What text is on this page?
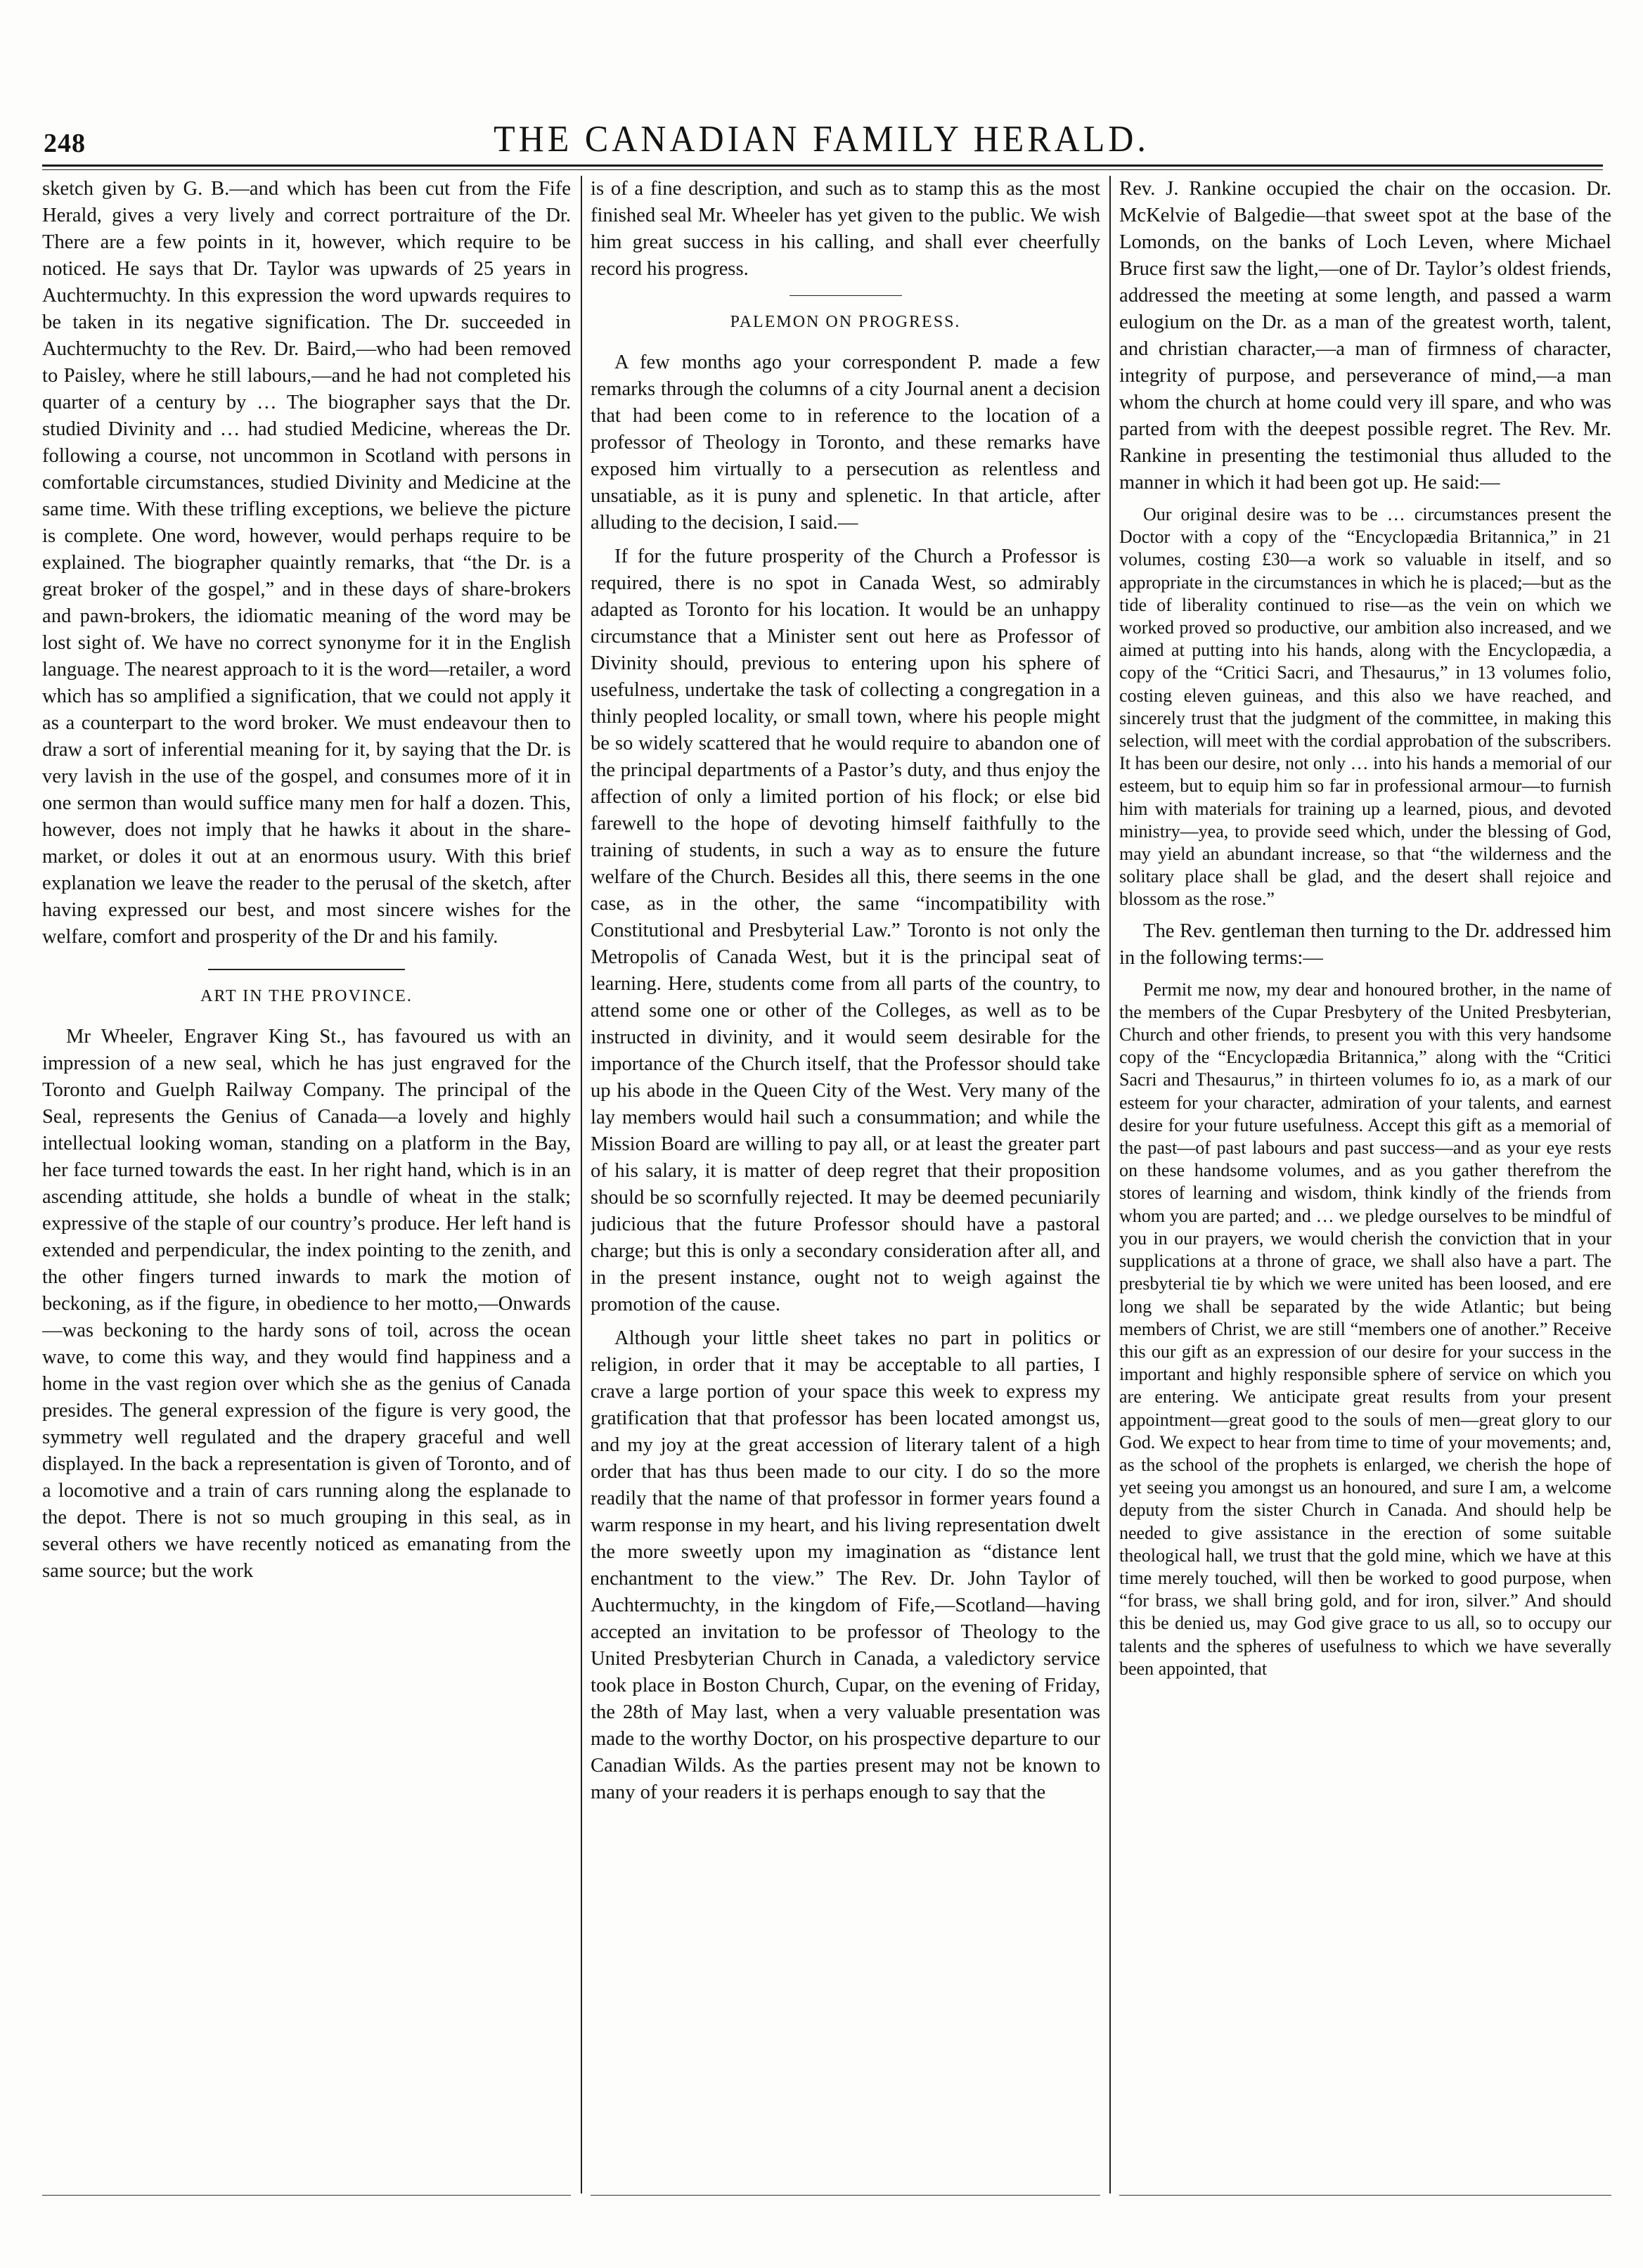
248	THE CANADIAN FAMILY HERALD.

sketch given by G. B.—and which has been cut from the Fife Herald, gives a very lively and correct portraiture of the Dr. There are a few points in it, however, which require to be noticed. He says that Dr. Taylor was upwards of 25 years in Auchtermuchty. In this expression the word upwards requires to be taken in its negative signification. The Dr. succeeded in Auchtermuchty to the Rev. Dr. Baird,—who had been removed to Paisley, where he still labours,—and he had not completed his quarter of a century by … The biographer says that the Dr. studied Divinity and … had studied Medicine, whereas the Dr. following a course, not uncommon in Scotland with persons in comfortable circumstances, studied Divinity and Medicine at the same time. With these trifling exceptions, we believe the picture is complete. One word, however, would perhaps require to be explained. The biographer quaintly remarks, that “the Dr. is a great broker of the gospel,” and in these days of share-brokers and pawn-brokers, the idiomatic meaning of the word may be lost sight of. We have no correct synonyme for it in the English language. The nearest approach to it is the word—retailer, a word which has so amplified a signification, that we could not apply it as a counterpart to the word broker. We must endeavour then to draw a sort of inferential meaning for it, by saying that the Dr. is very lavish in the use of the gospel, and consumes more of it in one sermon than would suffice many men for half a dozen. This, however, does not imply that he hawks it about in the share-market, or doles it out at an enormous usury. With this brief explanation we leave the reader to the perusal of the sketch, after having expressed our best, and most sincere wishes for the welfare, comfort and prosperity of the Dr and his family.

ART IN THE PROVINCE.

Mr Wheeler, Engraver King St., has favoured us with an impression of a new seal, which he has just engraved for the Toronto and Guelph Railway Company. The principal of the Seal, represents the Genius of Canada—a lovely and highly intellectual looking woman, standing on a platform in the Bay, her face turned towards the east. In her right hand, which is in an ascending attitude, she holds a bundle of wheat in the stalk; expressive of the staple of our country’s produce. Her left hand is extended and perpendicular, the index pointing to the zenith, and the other fingers turned inwards to mark the motion of beckoning, as if the figure, in obedience to her motto,—Onwards—was beckoning to the hardy sons of toil, across the ocean wave, to come this way, and they would find happiness and a home in the vast region over which she as the genius of Canada presides. The general expression of the figure is very good, the symmetry well regulated and the drapery graceful and well displayed. In the back a representation is given of Toronto, and of a locomotive and a train of cars running along the esplanade to the depot. There is not so much grouping in this seal, as in several others we have recently noticed as emanating from the same source; but the work

is of a fine description, and such as to stamp this as the most finished seal Mr. Wheeler has yet given to the public. We wish him great success in his calling, and shall ever cheerfully record his progress.

PALEMON ON PROGRESS.

A few months ago your correspondent P. made a few remarks through the columns of a city Journal anent a decision that had been come to in reference to the location of a professor of Theology in Toronto, and these remarks have exposed him virtually to a persecution as relentless and unsatiable, as it is puny and splenetic. In that article, after alluding to the decision, I said.—

If for the future prosperity of the Church a Professor is required, there is no spot in Canada West, so admirably adapted as Toronto for his location. It would be an unhappy circumstance that a Minister sent out here as Professor of Divinity should, previous to entering upon his sphere of usefulness, undertake the task of collecting a congregation in a thinly peopled locality, or small town, where his people might be so widely scattered that he would require to abandon one of the principal departments of a Pastor’s duty, and thus enjoy the affection of only a limited portion of his flock; or else bid farewell to the hope of devoting himself faithfully to the training of students, in such a way as to ensure the future welfare of the Church. Besides all this, there seems in the one case, as in the other, the same “incompatibility with Constitutional and Presbyterial Law.” Toronto is not only the Metropolis of Canada West, but it is the principal seat of learning. Here, students come from all parts of the country, to attend some one or other of the Colleges, as well as to be instructed in divinity, and it would seem desirable for the importance of the Church itself, that the Professor should take up his abode in the Queen City of the West. Very many of the lay members would hail such a consummation; and while the Mission Board are willing to pay all, or at least the greater part of his salary, it is matter of deep regret that their proposition should be so scornfully rejected. It may be deemed pecuniarily judicious that the future Professor should have a pastoral charge; but this is only a secondary consideration after all, and in the present instance, ought not to weigh against the promotion of the cause.

Although your little sheet takes no part in politics or religion, in order that it may be acceptable to all parties, I crave a large portion of your space this week to express my gratification that that professor has been located amongst us, and my joy at the great accession of literary talent of a high order that has thus been made to our city. I do so the more readily that the name of that professor in former years found a warm response in my heart, and his living representation dwelt the more sweetly upon my imagination as “distance lent enchantment to the view.” The Rev. Dr. John Taylor of Auchtermuchty, in the kingdom of Fife,—Scotland—having accepted an invitation to be professor of Theology to the United Presbyterian Church in Canada, a valedictory service took place in Boston Church, Cupar, on the evening of Friday, the 28th of May last, when a very valuable presentation was made to the worthy Doctor, on his prospective departure to our Canadian Wilds. As the parties present may not be known to many of your readers it is perhaps enough to say that the

Rev. J. Rankine occupied the chair on the occasion. Dr. McKelvie of Balgedie—that sweet spot at the base of the Lomonds, on the banks of Loch Leven, where Michael Bruce first saw the light,—one of Dr. Taylor’s oldest friends, addressed the meeting at some length, and passed a warm eulogium on the Dr. as a man of the greatest worth, talent, and christian character,—a man of firmness of character, integrity of purpose, and perseverance of mind,—a man whom the church at home could very ill spare, and who was parted from with the deepest possible regret. The Rev. Mr. Rankine in presenting the testimonial thus alluded to the manner in which it had been got up. He said:—

Our original desire was to be … circumstances present the Doctor with a copy of the “Encyclopædia Britannica,” in 21 volumes, costing £30—a work so valuable in itself, and so appropriate in the circumstances in which he is placed;—but as the tide of liberality continued to rise—as the vein on which we worked proved so productive, our ambition also increased, and we aimed at putting into his hands, along with the Encyclopædia, a copy of the “Critici Sacri, and Thesaurus,” in 13 volumes folio, costing eleven guineas, and this also we have reached, and sincerely trust that the judgment of the committee, in making this selection, will meet with the cordial approbation of the subscribers. It has been our desire, not only … into his hands a memorial of our esteem, but to equip him so far in professional armour—to furnish him with materials for training up a learned, pious, and devoted ministry—yea, to provide seed which, under the blessing of God, may yield an abundant increase, so that “the wilderness and the solitary place shall be glad, and the desert shall rejoice and blossom as the rose.”

The Rev. gentleman then turning to the Dr. addressed him in the following terms:—

Permit me now, my dear and honoured brother, in the name of the members of the Cupar Presbytery of the United Presbyterian, Church and other friends, to present you with this very handsome copy of the “Encyclopædia Britannica,” along with the “Critici Sacri and Thesaurus,” in thirteen volumes fo io, as a mark of our esteem for your character, admiration of your talents, and earnest desire for your future usefulness. Accept this gift as a memorial of the past—of past labours and past success—and as your eye rests on these handsome volumes, and as you gather therefrom the stores of learning and wisdom, think kindly of the friends from whom you are parted; and … we pledge ourselves to be mindful of you in our prayers, we would cherish the conviction that in your supplications at a throne of grace, we shall also have a part. The presbyterial tie by which we were united has been loosed, and ere long we shall be separated by the wide Atlantic; but being members of Christ, we are still “members one of another.” Receive this our gift as an expression of our desire for your success in the important and highly responsible sphere of service on which you are entering. We anticipate great results from your present appointment—great good to the souls of men—great glory to our God. We expect to hear from time to time of your movements; and, as the school of the prophets is enlarged, we cherish the hope of yet seeing you amongst us an honoured, and sure I am, a welcome deputy from the sister Church in Canada. And should help be needed to give assistance in the erection of some suitable theological hall, we trust that the gold mine, which we have at this time merely touched, will then be worked to good purpose, when “for brass, we shall bring gold, and for iron, silver.” And should this be denied us, may God give grace to us all, so to occupy our talents and the spheres of usefulness to which we have severally been appointed, that
